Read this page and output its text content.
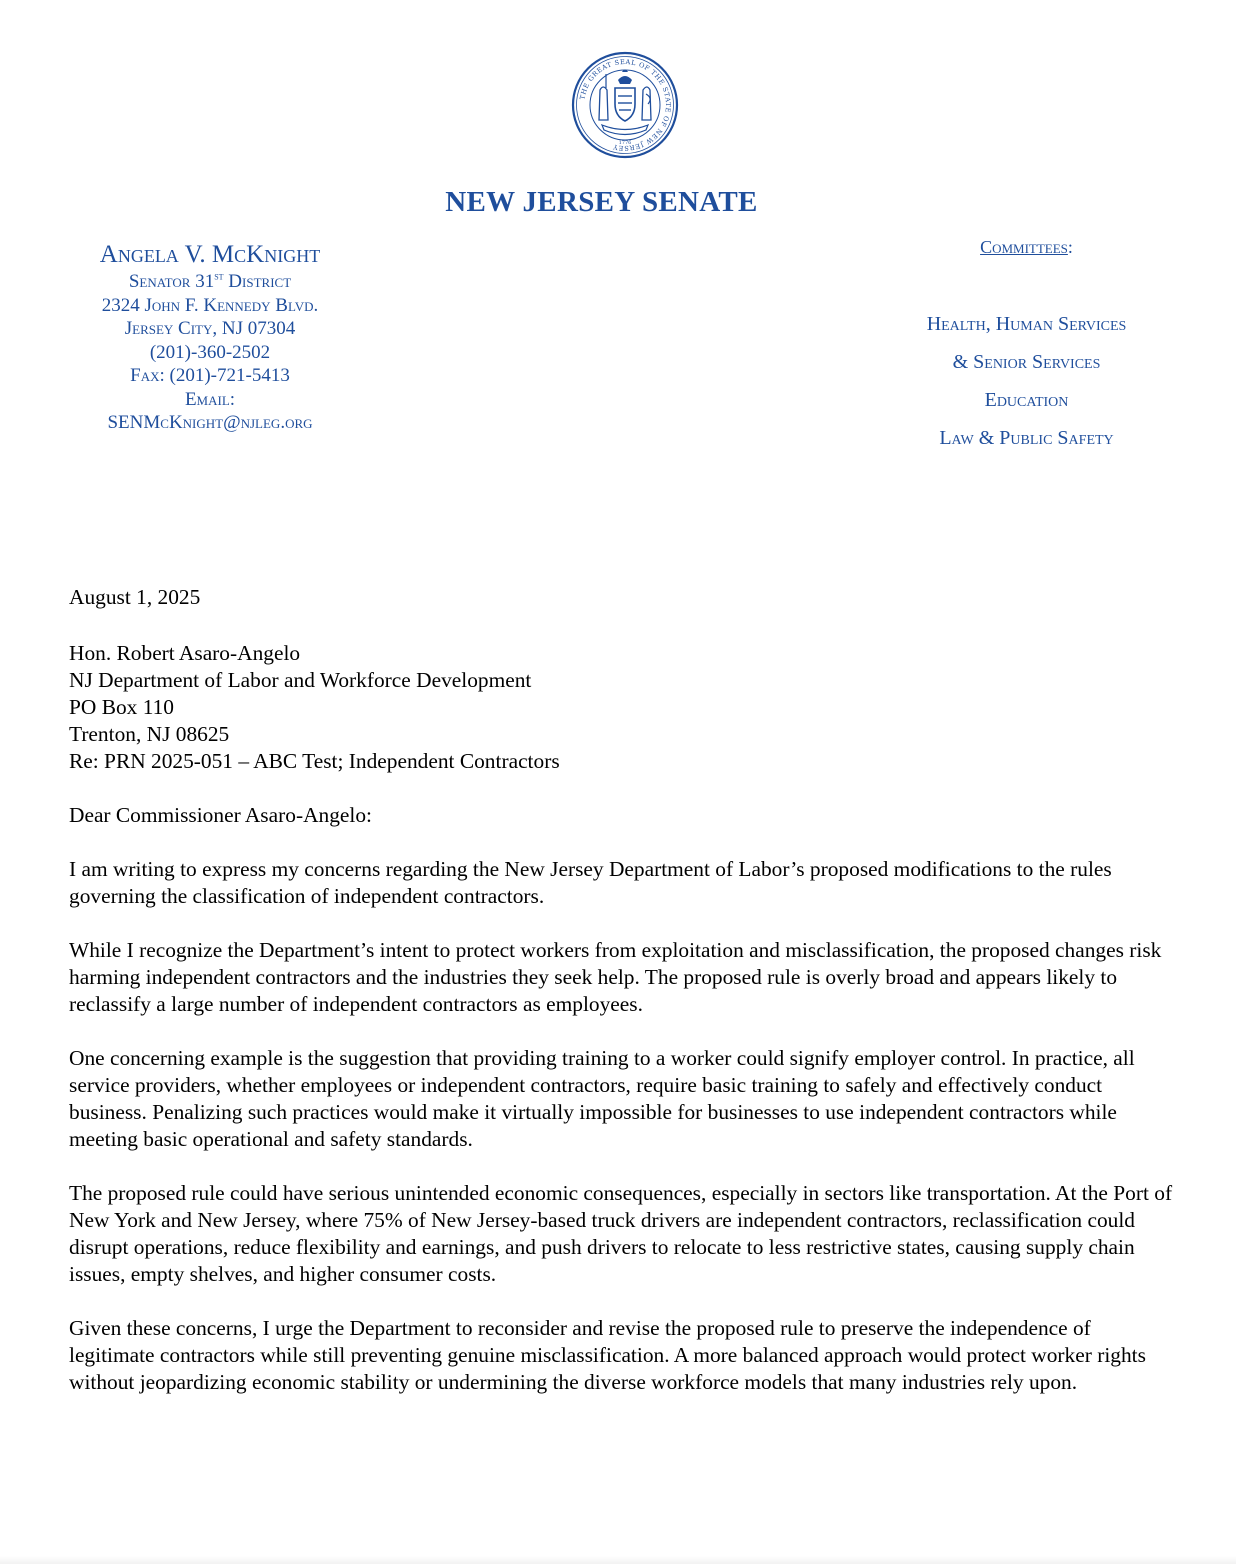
THE GREAT SEAL OF THE STATE OF NEW JERSEY 1776
NEW JERSEY SENATE
Angela V. McKnight
Senator 31st District
2324 John F. Kennedy Blvd.
Jersey City, NJ 07304
(201)-360-2502
Fax: (201)-721-5413
Email:
SENMcKnight@njleg.org
Committees:
Health, Human Services
& Senior Services
Education
Law & Public Safety

August 1, 2025

Hon. Robert Asaro-Angelo

NJ Department of Labor and Workforce Development

PO Box 110

Trenton, NJ 08625

Re: PRN 2025-051 – ABC Test; Independent Contractors

Dear Commissioner Asaro-Angelo:

I am writing to express my concerns regarding the New Jersey Department of Labor’s proposed modifications to the rules governing the classification of independent contractors.

While I recognize the Department’s intent to protect workers from exploitation and misclassification, the proposed changes risk harming independent contractors and the industries they seek help. The proposed rule is overly broad and appears likely to reclassify a large number of independent contractors as employees.

One concerning example is the suggestion that providing training to a worker could signify employer control. In practice, all service providers, whether employees or independent contractors, require basic training to safely and effectively conduct business. Penalizing such practices would make it virtually impossible for businesses to use independent contractors while meeting basic operational and safety standards.

The proposed rule could have serious unintended economic consequences, especially in sectors like transportation. At the Port of New York and New Jersey, where 75% of New Jersey-based truck drivers are independent contractors, reclassification could disrupt operations, reduce flexibility and earnings, and push drivers to relocate to less restrictive states, causing supply chain issues, empty shelves, and higher consumer costs.

Given these concerns, I urge the Department to reconsider and revise the proposed rule to preserve the independence of legitimate contractors while still preventing genuine misclassification. A more balanced approach would protect worker rights without jeopardizing economic stability or undermining the diverse workforce models that many industries rely upon.
